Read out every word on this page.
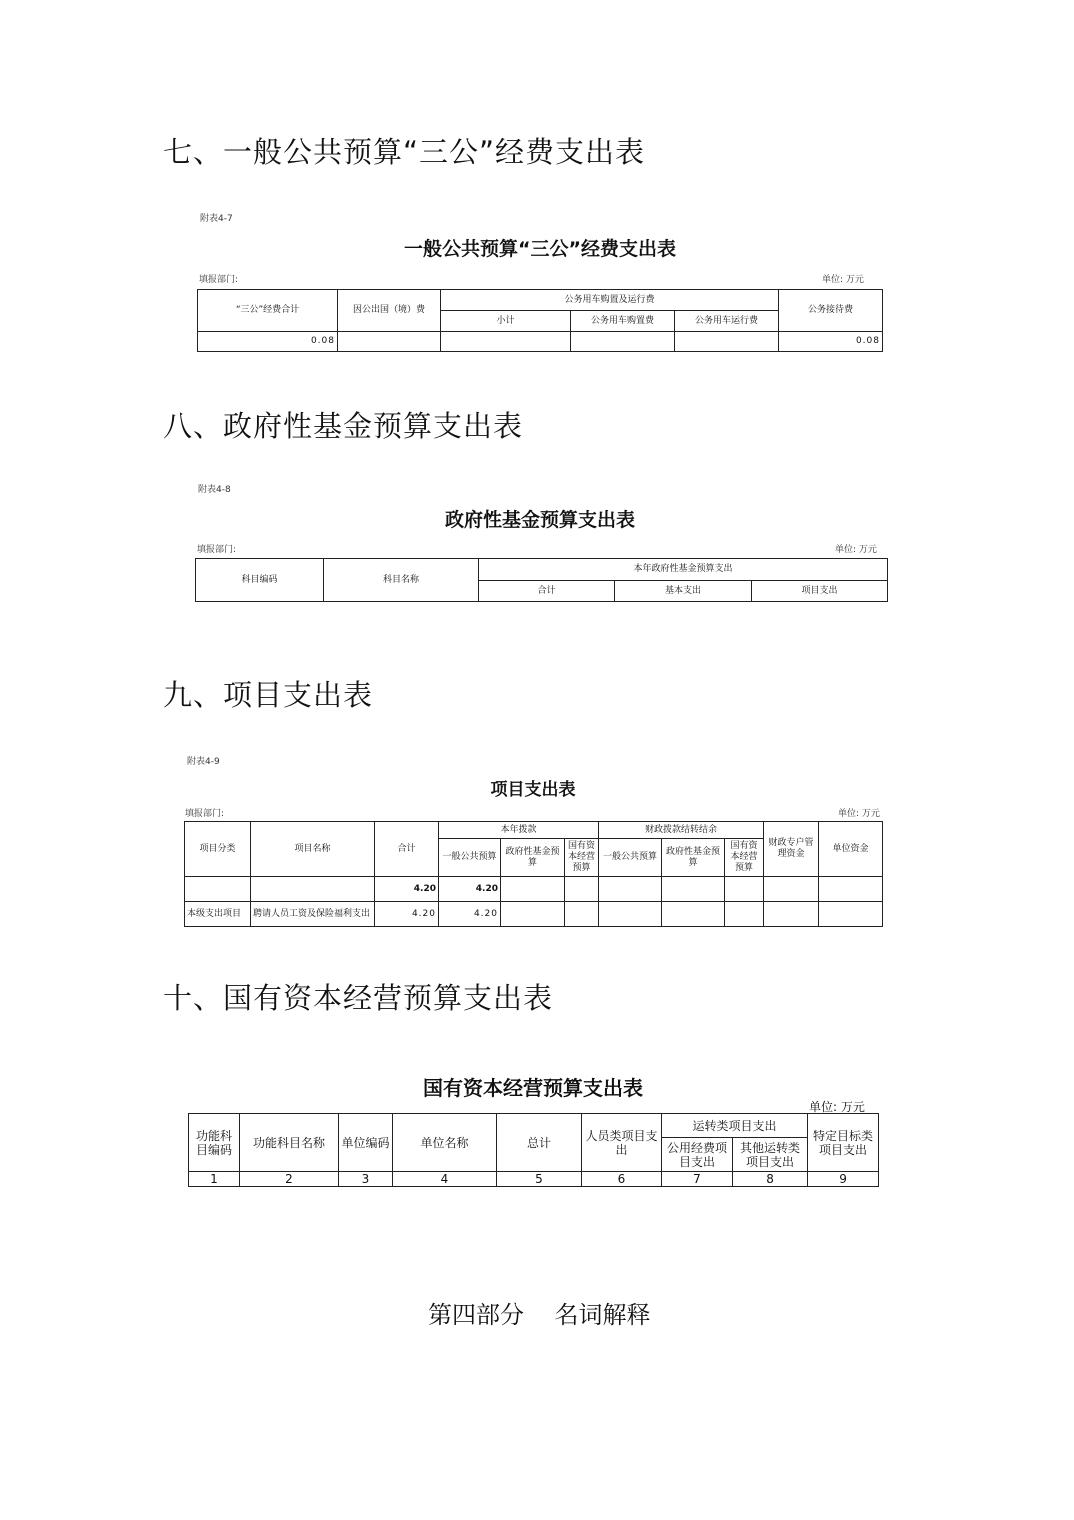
七、一般公共预算“三公”经费支出表
附表4-7
一般公共预算“三公”经费支出表
填报部门:	单位: 万元
“三公”经费合计	因公出国（境）费	公务用车购置及运行费			公务接待费
		小计	公务用车购置费	公务用车运行费	
0.08					0.08
八、政府性基金预算支出表
附表4-8
政府性基金预算支出表
填报部门:	单位: 万元
科目编码	科目名称	本年政府性基金预算支出		
		合计	基本支出	项目支出
九、项目支出表
附表4-9
项目支出表
填报部门:	单位: 万元
项目分类	项目名称	合计	本年拨款			财政拨款结转结余			财政专户管理资金	单位资金
			一般公共预算	政府性基金预算	国有资本经营预算	一般公共预算	政府性基金预算	国有资本经营预算		
		4.20	4.20							
本级支出项目	聘请人员工资及保险福利支出	4.20	4.20							
十、国有资本经营预算支出表
国有资本经营预算支出表
单位: 万元
功能科目编码	功能科目名称	单位编码	单位名称	总计	人员类项目支出	运转类项目支出		特定目标类项目支出
						公用经费项目支出	其他运转类项目支出	
1	2	3	4	5	6	7	8	9
第四部分    名词解释
